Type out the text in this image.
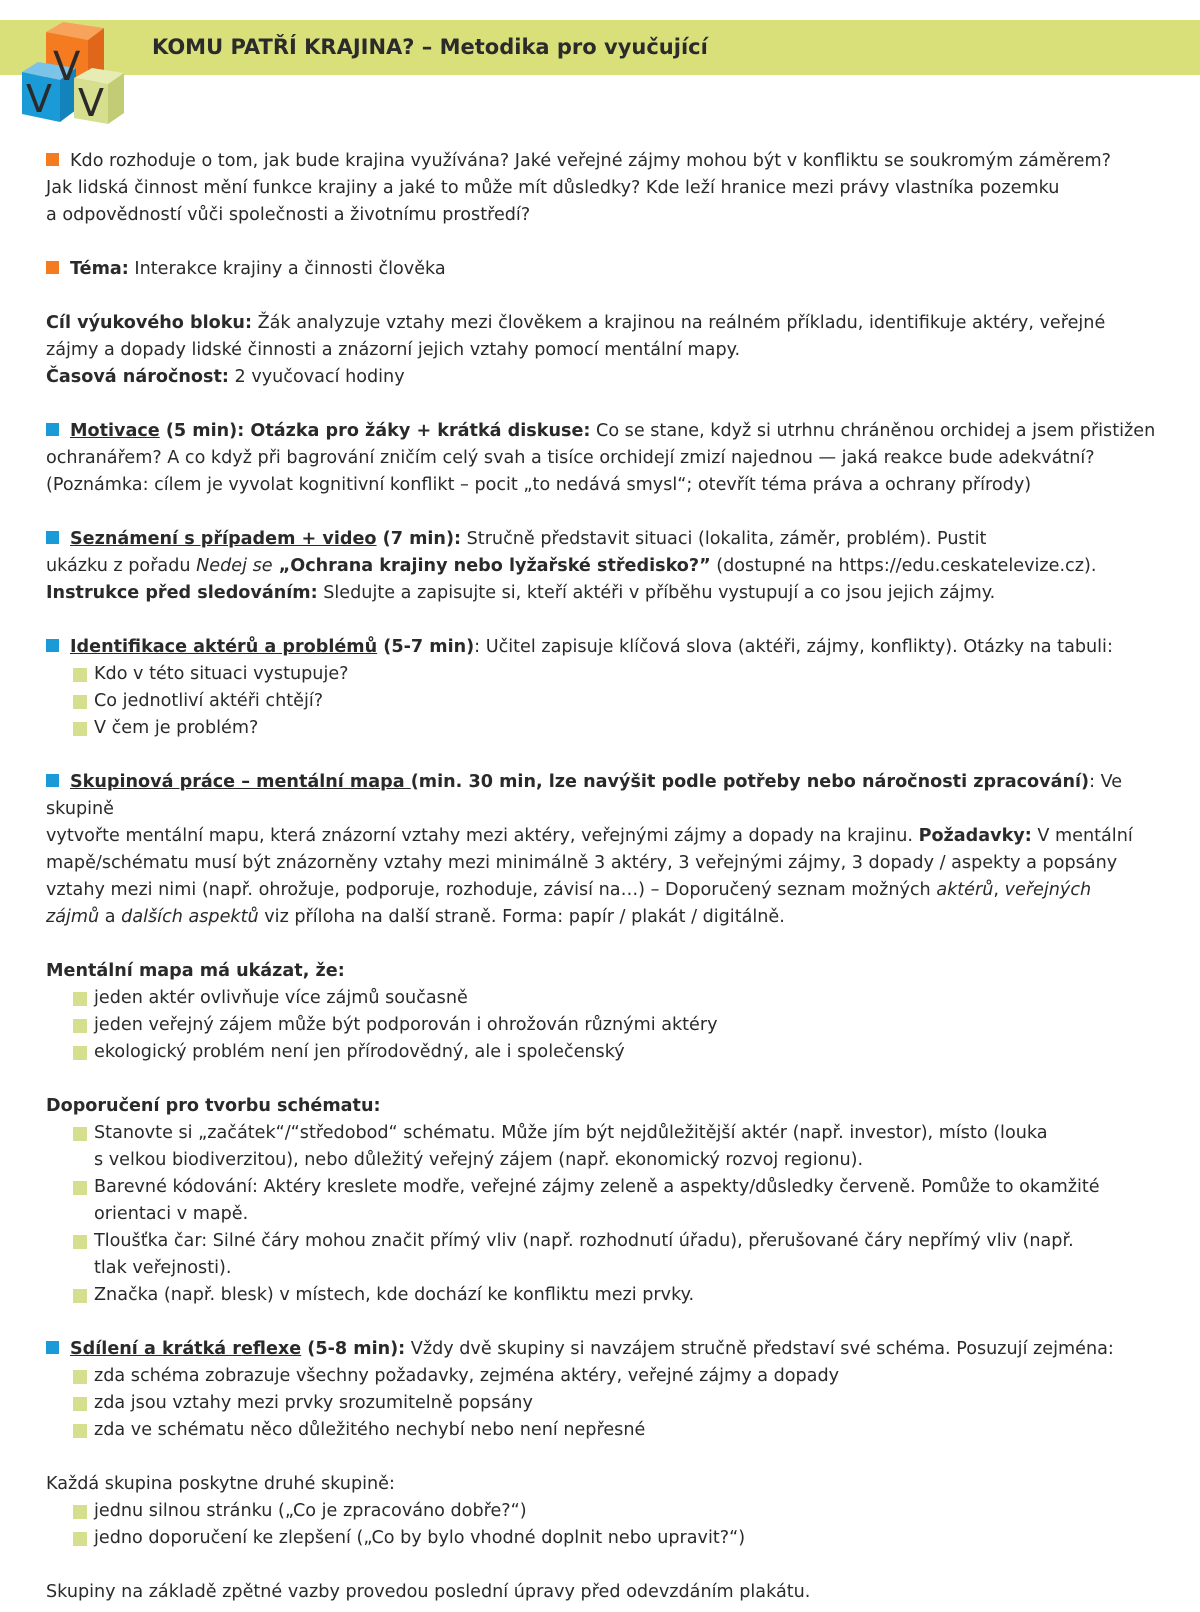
V
V V
KOMU PATŘÍ KRAJINA? – Metodika pro vyučující

Kdo rozhoduje o tom, jak bude krajina využívána? Jaké veřejné zájmy mohou být v konfliktu se soukromým záměrem?
Jak lidská činnost mění funkce krajiny a jaké to může mít důsledky? Kde leží hranice mezi právy vlastníka pozemku
a odpovědností vůči společnosti a životnímu prostředí?

Téma: Interakce krajiny a činnosti člověka

Cíl výukového bloku: Žák analyzuje vztahy mezi člověkem a krajinou na reálném příkladu, identifikuje aktéry, veřejné
zájmy a dopady lidské činnosti a znázorní jejich vztahy pomocí mentální mapy.
Časová náročnost: 2 vyučovací hodiny

Motivace (5 min): Otázka pro žáky + krátká diskuse: Co se stane, když si utrhnu chráněnou orchidej a jsem přistižen
ochranářem? A co když při bagrování zničím celý svah a tisíce orchidejí zmizí najednou — jaká reakce bude adekvátní?
(Poznámka: cílem je vyvolat kognitivní konflikt – pocit „to nedává smysl“; otevřít téma práva a ochrany přírody)

Seznámení s případem + video (7 min): Stručně představit situaci (lokalita, záměr, problém). Pustit
ukázku z pořadu Nedej se „Ochrana krajiny nebo lyžařské středisko?” (dostupné na https://edu.ceskatelevize.cz).
Instrukce před sledováním: Sledujte a zapisujte si, kteří aktéři v příběhu vystupují a co jsou jejich zájmy.

Identifikace aktérů a problémů (5-7 min): Učitel zapisuje klíčová slova (aktéři, zájmy, konflikty). Otázky na tabuli:

Kdo v této situaci vystupuje?
Co jednotliví aktéři chtějí?
V čem je problém?

Skupinová práce – mentální mapa (min. 30 min, lze navýšit podle potřeby nebo náročnosti zpracování): Ve skupině
vytvořte mentální mapu, která znázorní vztahy mezi aktéry, veřejnými zájmy a dopady na krajinu. Požadavky: V mentální
mapě/schématu musí být znázorněny vztahy mezi minimálně 3 aktéry, 3 veřejnými zájmy, 3 dopady / aspekty a popsány
vztahy mezi nimi (např. ohrožuje, podporuje, rozhoduje, závisí na…) – Doporučený seznam možných aktérů, veřejných
zájmů a dalších aspektů viz příloha na další straně. Forma: papír / plakát / digitálně.

Mentální mapa má ukázat, že:

jeden aktér ovlivňuje více zájmů současně
jeden veřejný zájem může být podporován i ohrožován různými aktéry
ekologický problém není jen přírodovědný, ale i společenský

Doporučení pro tvorbu schématu:

Stanovte si „začátek“/“středobod“ schématu. Může jím být nejdůležitější aktér (např. investor), místo (louka
s velkou biodiverzitou), nebo důležitý veřejný zájem (např. ekonomický rozvoj regionu).
Barevné kódování: Aktéry kreslete modře, veřejné zájmy zeleně a aspekty/důsledky červeně. Pomůže to okamžité
orientaci v mapě.
Tloušťka čar: Silné čáry mohou značit přímý vliv (např. rozhodnutí úřadu), přerušované čáry nepřímý vliv (např.
tlak veřejnosti).
Značka (např. blesk) v místech, kde dochází ke konfliktu mezi prvky.

Sdílení a krátká reflexe (5-8 min): Vždy dvě skupiny si navzájem stručně představí své schéma. Posuzují zejména:

zda schéma zobrazuje všechny požadavky, zejména aktéry, veřejné zájmy a dopady
zda jsou vztahy mezi prvky srozumitelně popsány
zda ve schématu něco důležitého nechybí nebo není nepřesné

Každá skupina poskytne druhé skupině:

jednu silnou stránku („Co je zpracováno dobře?“)
jedno doporučení ke zlepšení („Co by bylo vhodné doplnit nebo upravit?“)

Skupiny na základě zpětné vazby provedou poslední úpravy před odevzdáním plakátu.
